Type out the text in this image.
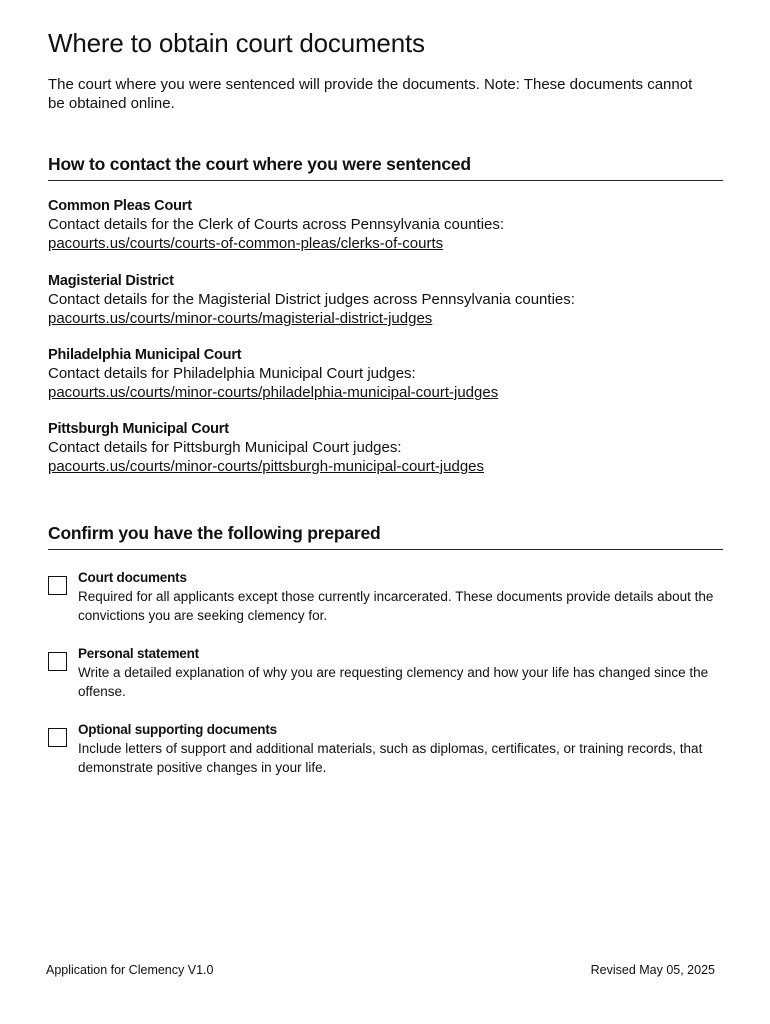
Where to obtain court documents

The court where you were sentenced will provide the documents. Note: These documents cannot be obtained online.

How to contact the court where you were sentenced
Common Pleas Court
Contact details for the Clerk of Courts across Pennsylvania counties:
pacourts.us/courts/courts-of-common-pleas/clerks-of-courts
Magisterial District
Contact details for the Magisterial District judges across Pennsylvania counties:
pacourts.us/courts/minor-courts/magisterial-district-judges
Philadelphia Municipal Court
Contact details for Philadelphia Municipal Court judges:
pacourts.us/courts/minor-courts/philadelphia-municipal-court-judges
Pittsburgh Municipal Court
Contact details for Pittsburgh Municipal Court judges:
pacourts.us/courts/minor-courts/pittsburgh-municipal-court-judges
Confirm you have the following prepared
Court documents
Required for all applicants except those currently incarcerated. These documents provide details about the convictions you are seeking clemency for.
Personal statement
Write a detailed explanation of why you are requesting clemency and how your life has changed since the offense.
Optional supporting documents
Include letters of support and additional materials, such as diplomas, certificates, or training records, that demonstrate positive changes in your life.
Application for Clemency V1.0	Revised May 05, 2025
